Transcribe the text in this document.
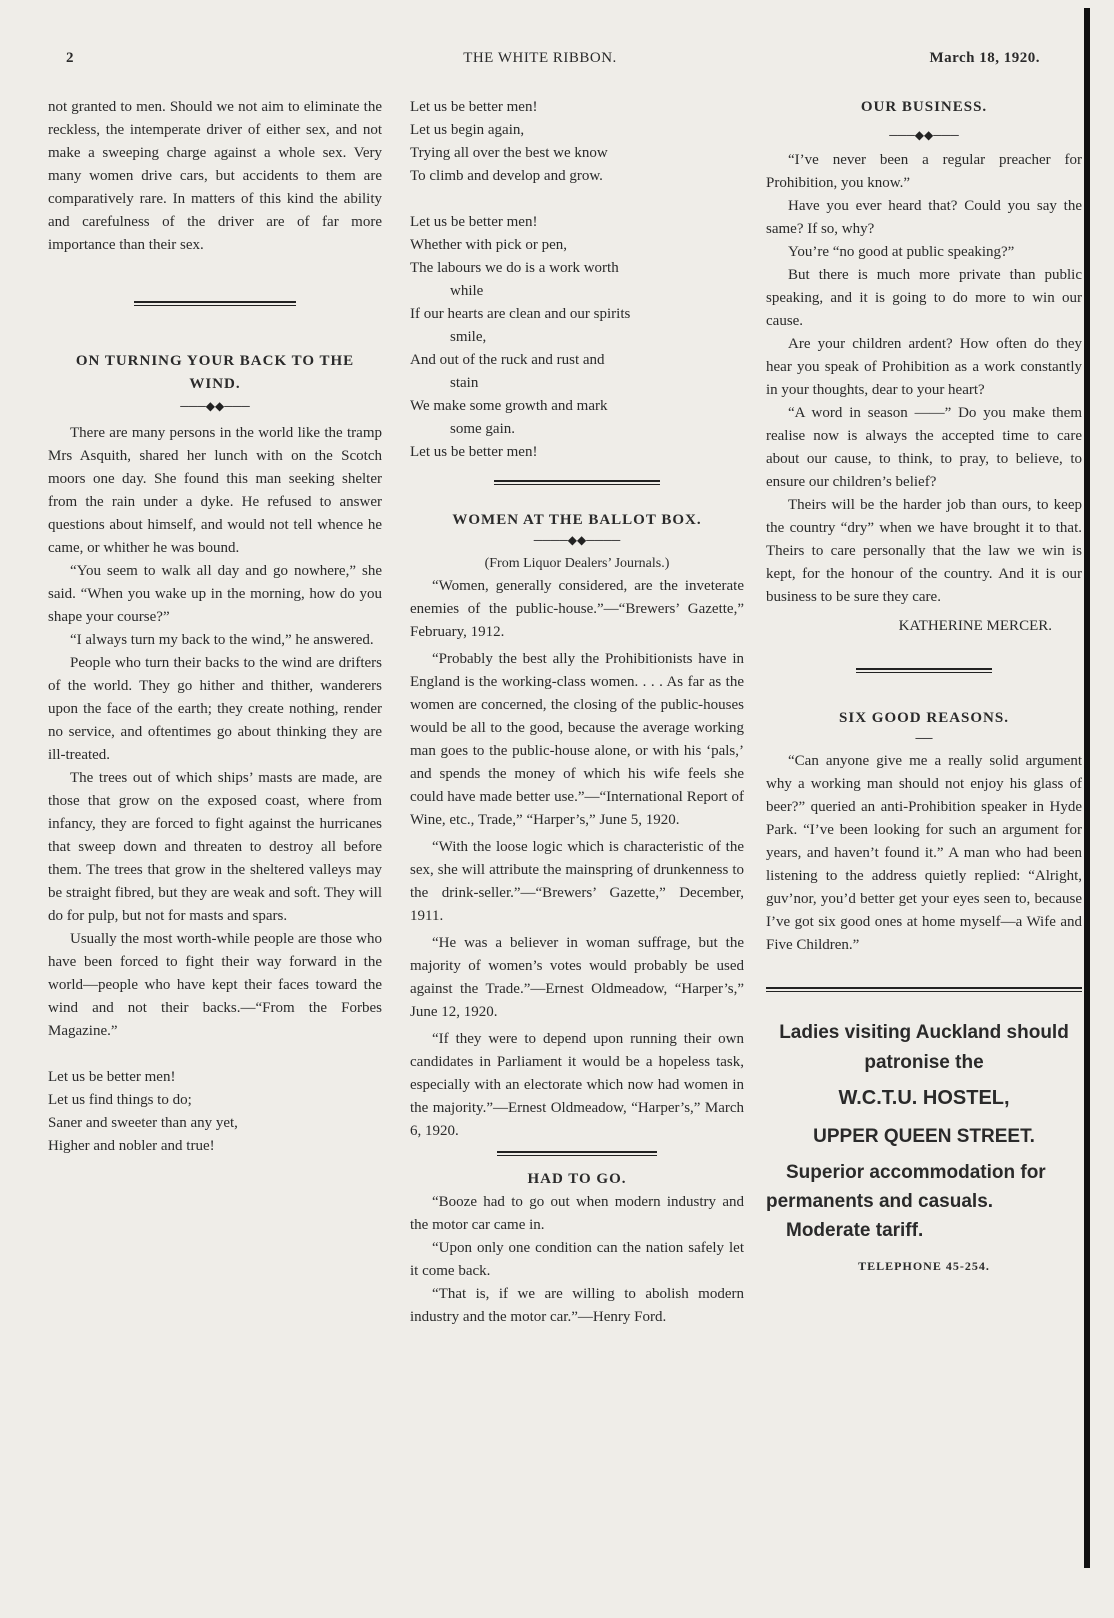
2	THE WHITE RIBBON.	March 18, 1920.

not granted to men. Should we not aim to eliminate the reckless, the intemperate driver of either sex, and not make a sweeping charge against a whole sex. Very many women drive cars, but accidents to them are comparatively rare. In matters of this kind the ability and carefulness of the driver are of far more importance than their sex.

ON TURNING YOUR BACK TO THE WIND.
───◆◆───

There are many persons in the world like the tramp Mrs Asquith, shared her lunch with on the Scotch moors one day. She found this man seeking shelter from the rain under a dyke. He refused to answer questions about himself, and would not tell whence he came, or whither he was bound.

“You seem to walk all day and go nowhere,” she said. “When you wake up in the morning, how do you shape your course?”

“I always turn my back to the wind,” he answered.

People who turn their backs to the wind are drifters of the world. They go hither and thither, wanderers upon the face of the earth; they create nothing, render no service, and oftentimes go about thinking they are ill-treated.

The trees out of which ships’ masts are made, are those that grow on the exposed coast, where from infancy, they are forced to fight against the hurricanes that sweep down and threaten to destroy all before them. The trees that grow in the sheltered valleys may be straight fibred, but they are weak and soft. They will do for pulp, but not for masts and spars.

Usually the most worth-while people are those who have been forced to fight their way forward in the world—people who have kept their faces toward the wind and not their backs.—“From the Forbes Magazine.”

Let us be better men!
Let us find things to do;
Saner and sweeter than any yet,
Higher and nobler and true!
Let us be better men!
Let us begin again,
Trying all over the best we know
To climb and develop and grow.
Let us be better men!
Whether with pick or pen,
The labours we do is a work worth
while
If our hearts are clean and our spirits
smile,
And out of the ruck and rust and
stain
We make some growth and mark
some gain.
Let us be better men!
WOMEN AT THE BALLOT BOX.
────◆◆────

(From Liquor Dealers’ Journals.)

“Women, generally considered, are the inveterate enemies of the public-house.”—“Brewers’ Gazette,” February, 1912.

“Probably the best ally the Prohibitionists have in England is the working-class women. . . . As far as the women are concerned, the closing of the public-houses would be all to the good, because the average working man goes to the public-house alone, or with his ‘pals,’ and spends the money of which his wife feels she could have made better use.”—“International Report of Wine, etc., Trade,” “Harper’s,” June 5, 1920.

“With the loose logic which is characteristic of the sex, she will attribute the mainspring of drunkenness to the drink-seller.”—“Brewers’ Gazette,” December, 1911.

“He was a believer in woman suffrage, but the majority of women’s votes would probably be used against the Trade.”—Ernest Oldmeadow, “Harper’s,” June 12, 1920.

“If they were to depend upon running their own candidates in Parliament it would be a hopeless task, especially with an electorate which now had women in the majority.”—Ernest Oldmeadow, “Harper’s,” March 6, 1920.

HAD TO GO.

“Booze had to go out when modern industry and the motor car came in.

“Upon only one condition can the nation safely let it come back.

“That is, if we are willing to abolish modern industry and the motor car.”—Henry Ford.

OUR BUSINESS.
───◆◆───

“I’ve never been a regular preacher for Prohibition, you know.”

Have you ever heard that? Could you say the same? If so, why?

You’re “no good at public speaking?”

But there is much more private than public speaking, and it is going to do more to win our cause.

Are your children ardent? How often do they hear you speak of Prohibition as a work constantly in your thoughts, dear to your heart?

“A word in season ——” Do you make them realise now is always the accepted time to care about our cause, to think, to pray, to believe, to ensure our children’s belief?

Theirs will be the harder job than ours, to keep the country “dry” when we have brought it to that. Theirs to care personally that the law we win is kept, for the honour of the country. And it is our business to be sure they care.

KATHERINE MERCER.

SIX GOOD REASONS.
──

“Can anyone give me a really solid argument why a working man should not enjoy his glass of beer?” queried an anti-Prohibition speaker in Hyde Park. “I’ve been looking for such an argument for years, and haven’t found it.” A man who had been listening to the address quietly replied: “Alright, guv’nor, you’d better get your eyes seen to, because I’ve got six good ones at home myself—a Wife and Five Children.”

Ladies visiting Auckland should
patronise the
W.C.T.U. HOSTEL,
UPPER QUEEN STREET.
Superior accommodation for
permanents and casuals.
Moderate tariff.
TELEPHONE 45-254.
